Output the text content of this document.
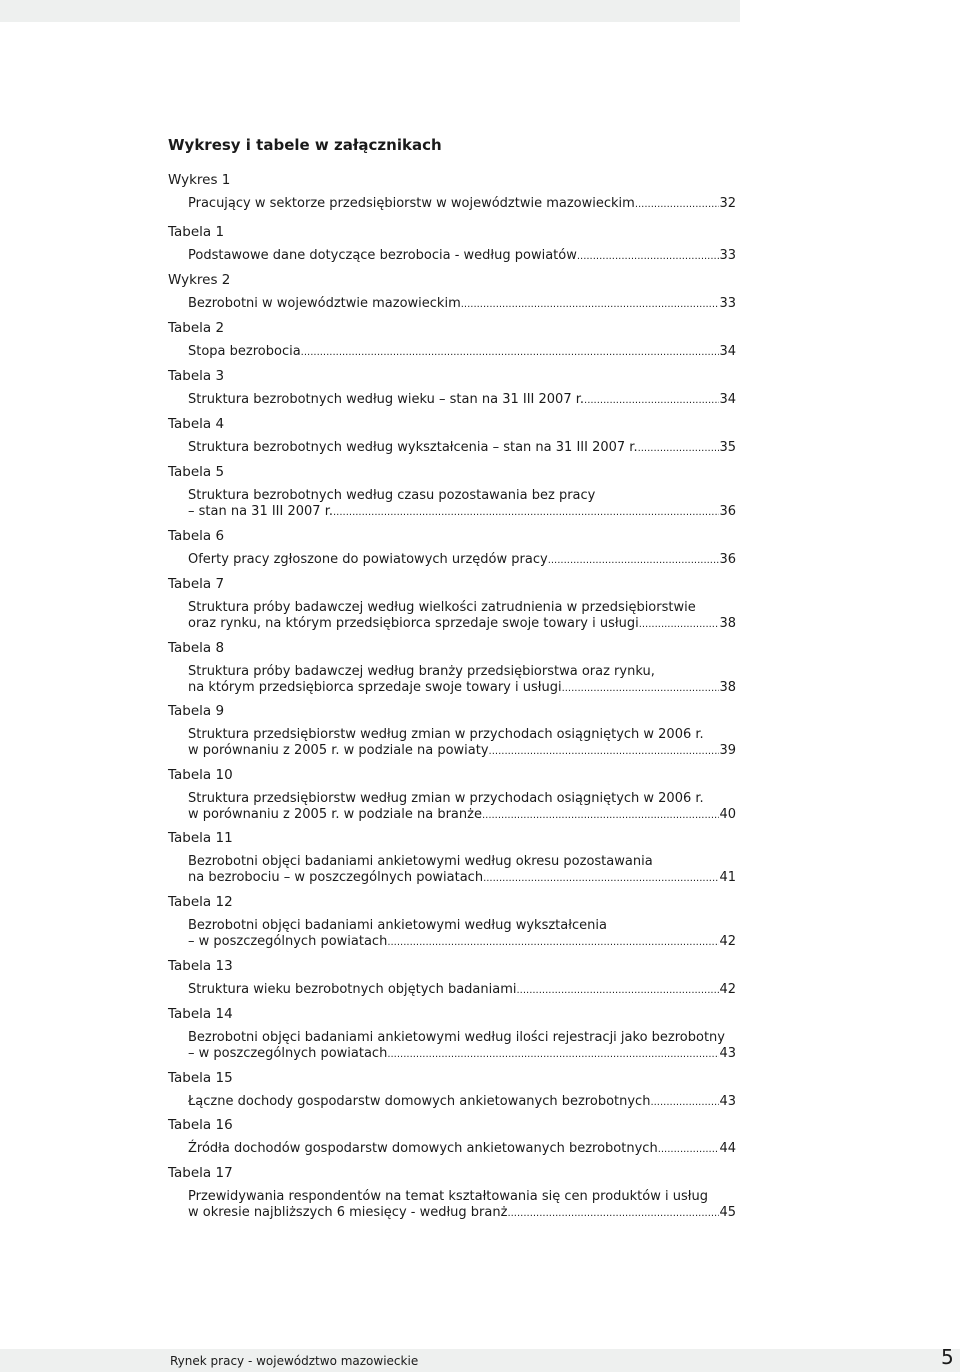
Wykresy i tabele w załącznikach
Wykres 1
Pracujący w sektorze przedsiębiorstw w województwie mazowieckim .....	32
Tabela 1
Podstawowe dane dotyczące bezrobocia - według powiatów .....	33
Wykres 2
Bezrobotni w województwie mazowieckim .....	33
Tabela 2
Stopa bezrobocia .....	34
Tabela 3
Struktura bezrobotnych według wieku – stan na 31 III 2007 r. .....	34
Tabela 4
Struktura bezrobotnych według wykształcenia – stan na 31 III 2007 r. .....	35
Tabela 5
Struktura bezrobotnych według czasu pozostawania bez pracy
– stan na 31 III 2007 r. .....	36
Tabela 6
Oferty pracy zgłoszone do powiatowych urzędów pracy .....	36
Tabela 7
Struktura próby badawczej według wielkości zatrudnienia w przedsiębiorstwie
oraz rynku, na którym przedsiębiorca sprzedaje swoje towary i usługi .....	38
Tabela 8
Struktura próby badawczej według branży przedsiębiorstwa oraz rynku,
na którym przedsiębiorca sprzedaje swoje towary i usługi .....	38
Tabela 9
Struktura przedsiębiorstw według zmian w przychodach osiągniętych w 2006 r.
w porównaniu z 2005 r. w podziale na powiaty .....	39
Tabela 10
Struktura przedsiębiorstw według zmian w przychodach osiągniętych w 2006 r.
w porównaniu z 2005 r. w podziale na branże .....	40
Tabela 11
Bezrobotni objęci badaniami ankietowymi według okresu pozostawania
na bezrobociu – w poszczególnych powiatach .....	41
Tabela 12
Bezrobotni objęci badaniami ankietowymi według wykształcenia
– w poszczególnych powiatach .....	42
Tabela 13
Struktura wieku bezrobotnych objętych badaniami .....	42
Tabela 14
Bezrobotni objęci badaniami ankietowymi według ilości rejestracji jako bezrobotny
– w poszczególnych powiatach .....	43
Tabela 15
Łączne dochody gospodarstw domowych ankietowanych bezrobotnych .....	43
Tabela 16
Źródła dochodów gospodarstw domowych ankietowanych bezrobotnych .....	44
Tabela 17
Przewidywania respondentów na temat kształtowania się cen produktów i usług
w okresie najbliższych 6 miesięcy - według branż .....	45
Rynek pracy - województwo mazowieckie	5
